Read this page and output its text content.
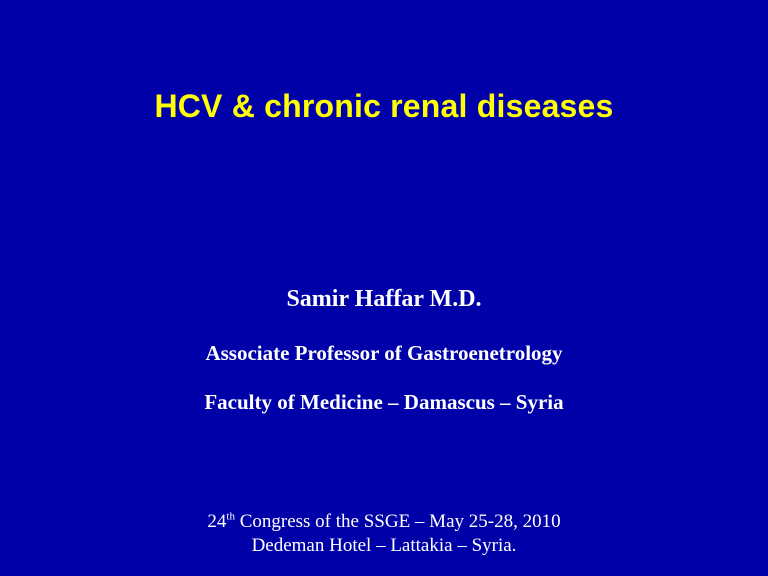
HCV & chronic renal diseases
Samir Haffar M.D.
Associate Professor of Gastroenetrology
Faculty of Medicine – Damascus – Syria
24th Congress of the SSGE – May 25-28, 2010
Dedeman Hotel – Lattakia – Syria.
